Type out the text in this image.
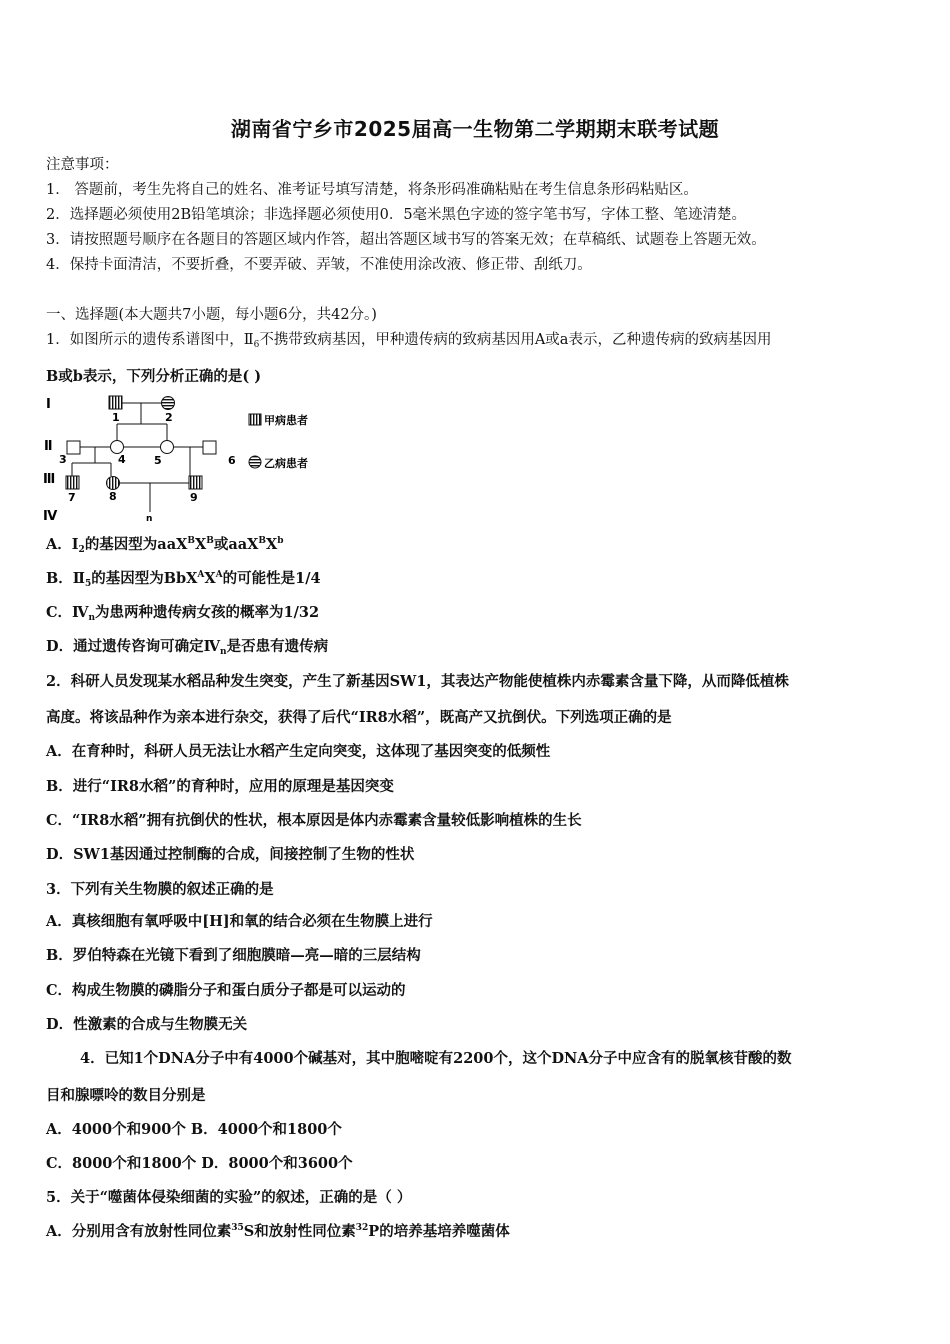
湖南省宁乡市2025届高一生物第二学期期末联考试题
注意事项：
1． 答题前，考生先将自己的姓名、准考证号填写清楚，将条形码准确粘贴在考生信息条形码粘贴区。
2．选择题必须使用2B铅笔填涂；非选择题必须使用0．5毫米黑色字迹的签字笔书写，字体工整、笔迹清楚。
3．请按照题号顺序在各题目的答题区域内作答，超出答题区域书写的答案无效；在草稿纸、试题卷上答题无效。
4．保持卡面清洁，不要折叠，不要弄破、弄皱，不准使用涂改液、修正带、刮纸刀。
一、选择题(本大题共7小题，每小题6分，共42分。)
1．如图所示的遗传系谱图中，$Ⅱ_6$不携带致病基因，甲种遗传病的致病基因用A或a表示，乙种遗传病的致病基因用
B或b表示，下列分析正确的是( )
Ⅰ
Ⅱ
Ⅲ
Ⅳ
1	2
3	4	5	6
7	8	9
n
甲病患者
乙病患者
A．$Ⅰ_2$的基因型为$aaX^BX^B$或$aaX^BX^b$
B．$Ⅱ_5$的基因型为$BbX^AX^A$的可能性是1/4
C．$Ⅳ_n$为患两种遗传病女孩的概率为1/32
D．通过遗传咨询可确定$Ⅳ_n$是否患有遗传病
2．科研人员发现某水稻品种发生突变，产生了新基因SW1，其表达产物能使植株内赤霉素含量下降，从而降低植株
高度。将该品种作为亲本进行杂交，获得了后代“IR8水稻”，既高产又抗倒伏。下列选项正确的是
A．在育种时，科研人员无法让水稻产生定向突变，这体现了基因突变的低频性
B．进行“IR8水稻”的育种时，应用的原理是基因突变
C．“IR8水稻”拥有抗倒伏的性状，根本原因是体内赤霉素含量较低影响植株的生长
D．SW1基因通过控制酶的合成，间接控制了生物的性状
3．下列有关生物膜的叙述正确的是
A．真核细胞有氧呼吸中[H]和氧的结合必须在生物膜上进行
B．罗伯特森在光镜下看到了细胞膜暗—亮—暗的三层结构
C．构成生物膜的磷脂分子和蛋白质分子都是可以运动的
D．性激素的合成与生物膜无关
4．已知1个DNA分子中有4000个碱基对，其中胞嘧啶有2200个，这个DNA分子中应含有的脱氧核苷酸的数
目和腺嘌呤的数目分别是
A．4000个和900个 B．4000个和1800个
C．8000个和1800个 D．8000个和3600个
5．关于“噬菌体侵染细菌的实验”的叙述，正确的是（ ）
A．分别用含有放射性同位素$^{35}$S和放射性同位素$^{32}$P的培养基培养噬菌体
